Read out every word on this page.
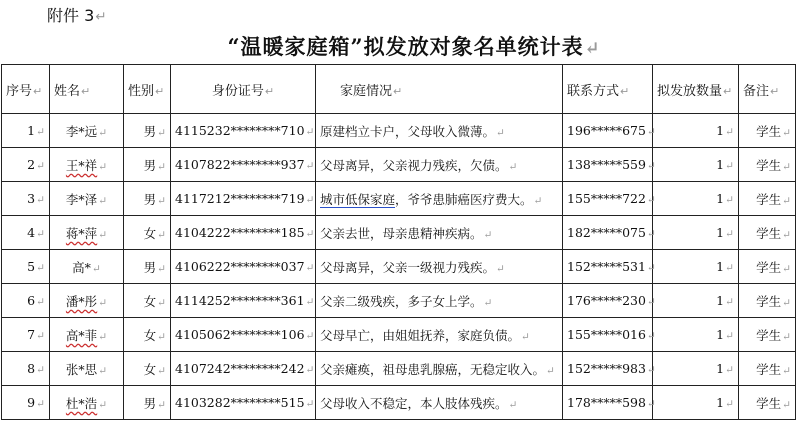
附件 3↵
“温暖家庭箱”拟发放对象名单统计表↵
序号↵	姓名↵	性别↵	身份证号↵	家庭情况↵	联系方式↵	拟发放数量↵	备注↵
1↵	李*远↵	男↵	4115232********710↵	原建档立卡户，父母收入微薄。↵	196*****675↵	1↵	学生↵
2↵	王*祥↵	男↵	4107822********937↵	父母离异，父亲视力残疾，欠债。↵	138*****559↵	1↵	学生↵
3↵	李*泽↵	男↵	4117212********719↵	城市低保家庭，爷爷患肺癌医疗费大。↵	155*****722↵	1↵	学生↵
4↵	蒋*萍↵	女↵	4104222********185↵	父亲去世，母亲患精神疾病。↵	182*****075↵	1↵	学生↵
5↵	高*↵	男↵	4106222********037↵	父母离异，父亲一级视力残疾。↵	152*****531↵	1↵	学生↵
6↵	潘*彤↵	女↵	4114252********361↵	父亲二级残疾，多子女上学。↵	176*****230↵	1↵	学生↵
7↵	高*菲↵	女↵	4105062********106↵	父母早亡，由姐姐抚养，家庭负债。↵	155*****016↵	1↵	学生↵
8↵	张*思↵	女↵	4107242********242↵	父亲瘫痪，祖母患乳腺癌，无稳定收入。↵	152*****983↵	1↵	学生↵
9↵	杜*浩↵	男↵	4103282********515↵	父母收入不稳定，本人肢体残疾。↵	178*****598↵	1↵	学生↵
